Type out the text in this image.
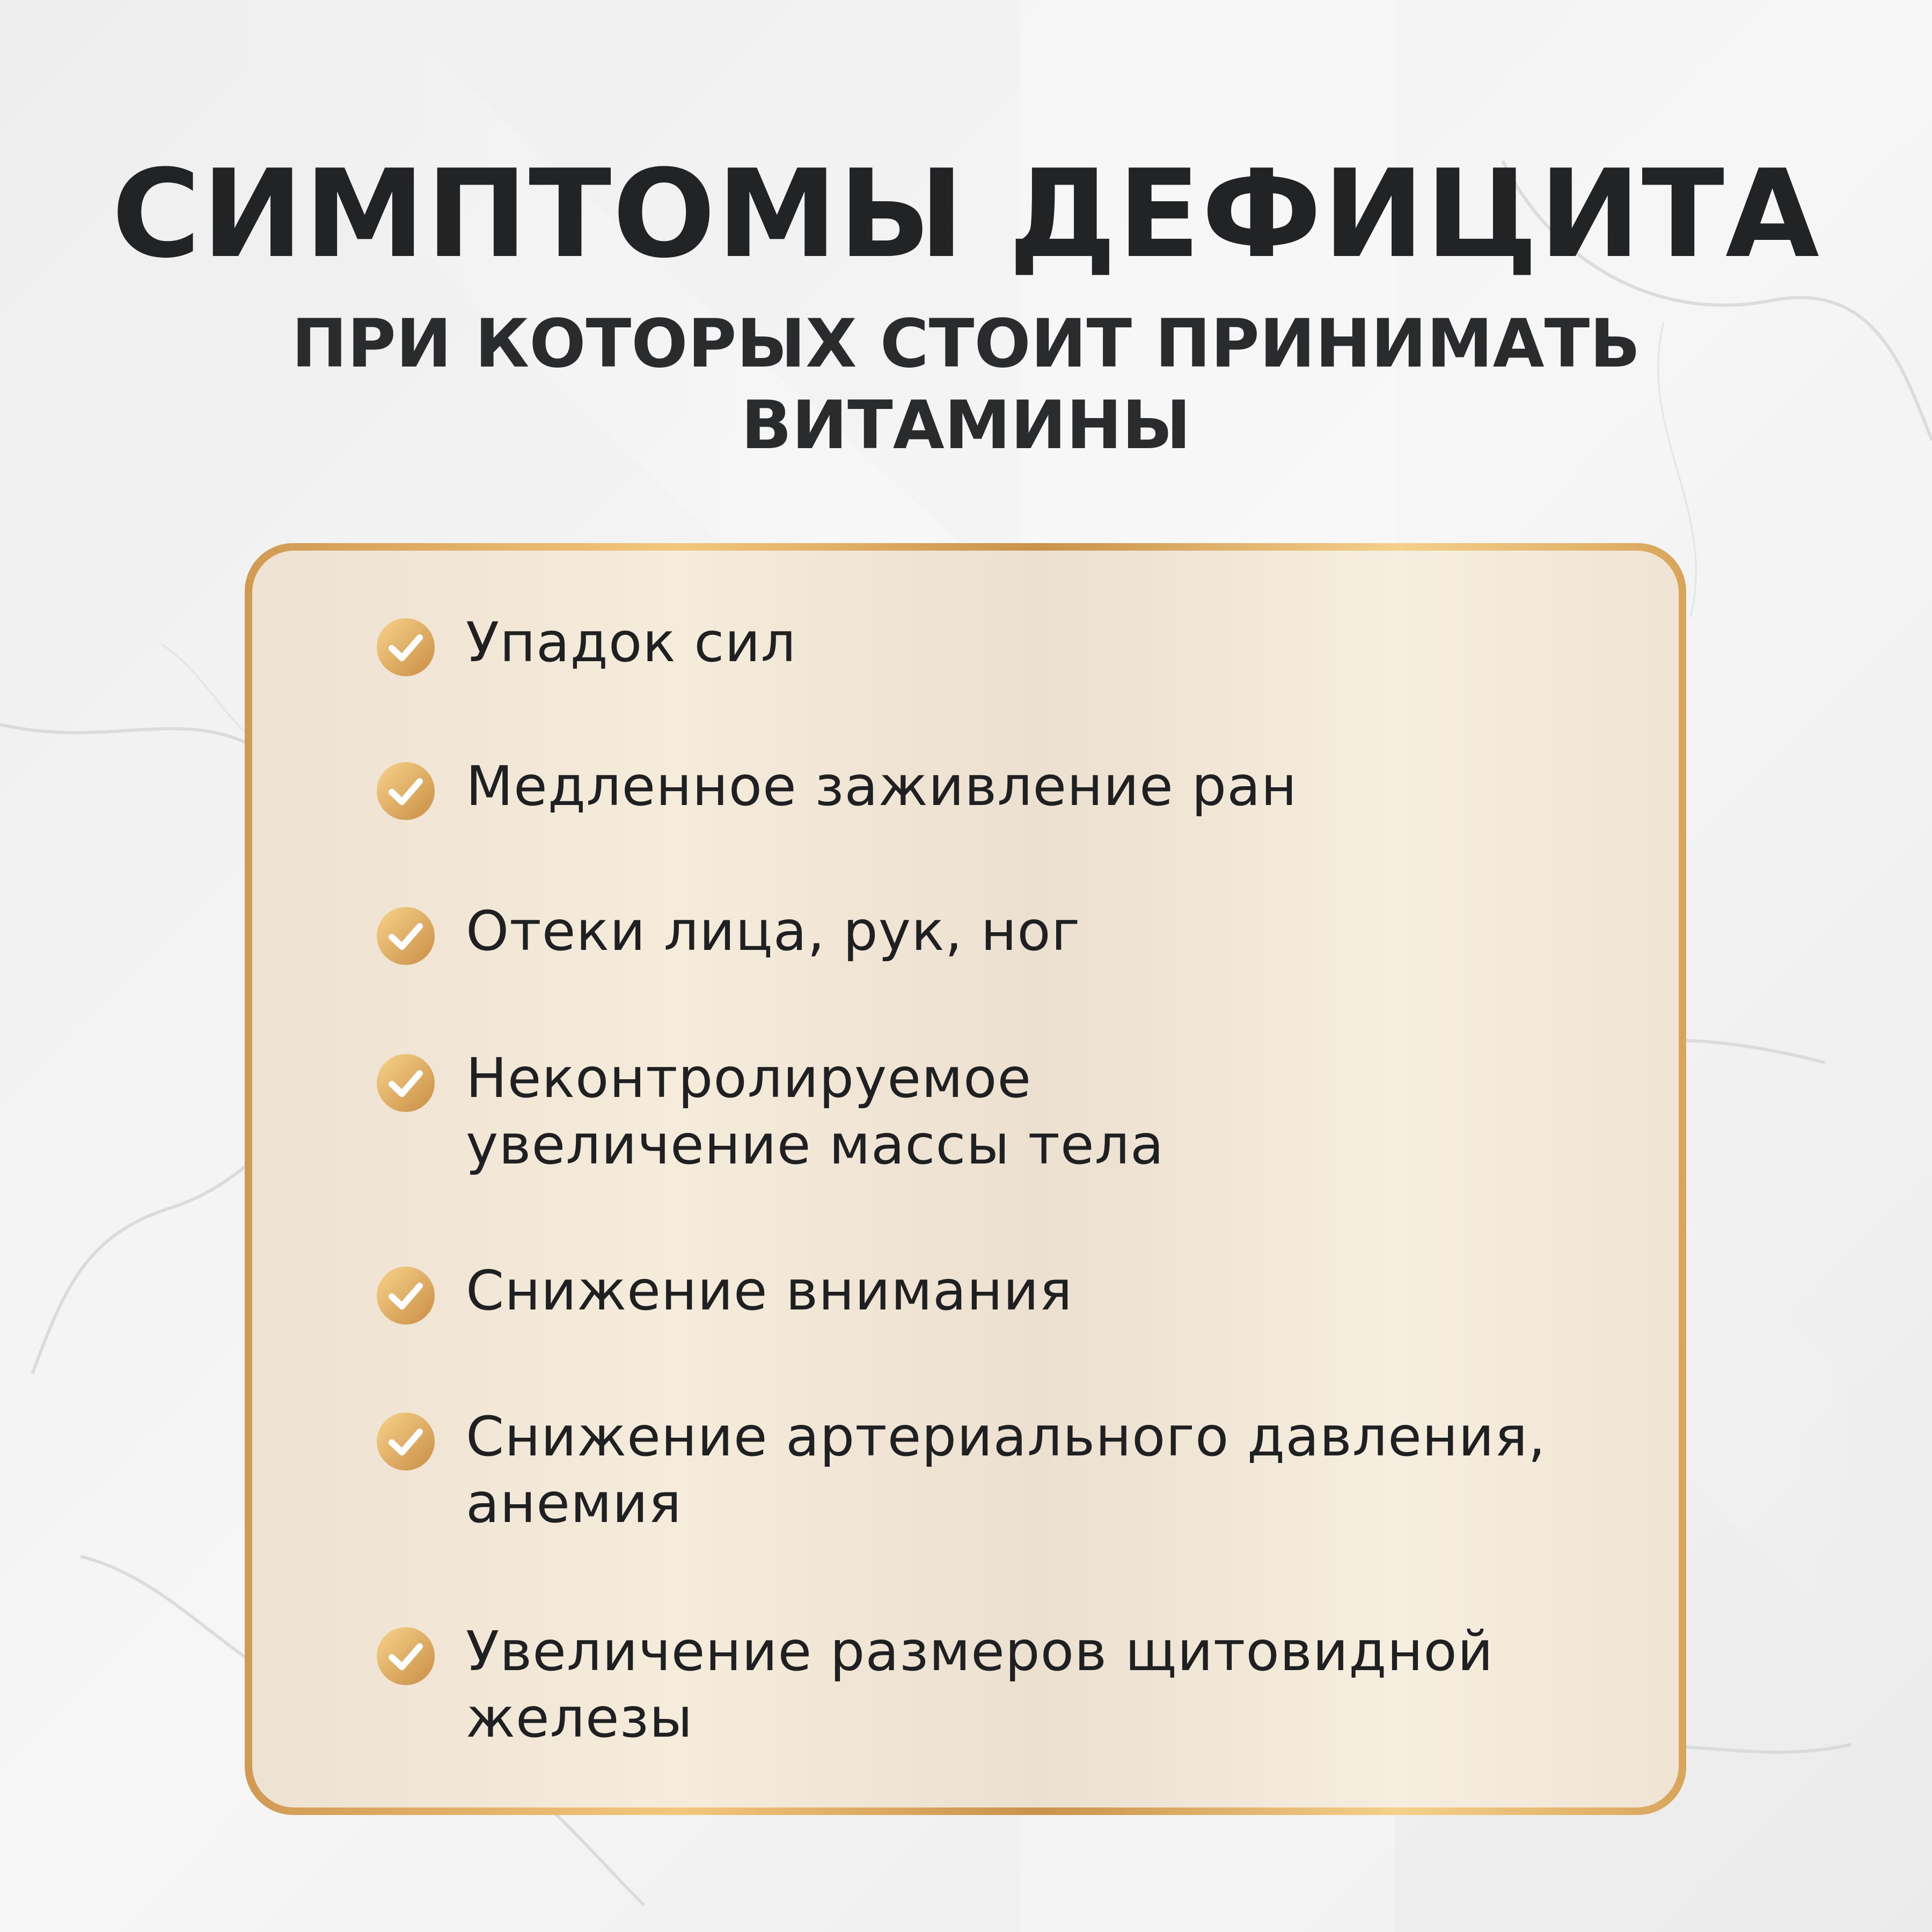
СИМПТОМЫ ДЕФИЦИТА
ПРИ КОТОРЫХ СТОИТ ПРИНИМАТЬ ВИТАМИНЫ
Упадок сил
Медленное заживление ран
Отеки лица, рук, ног
Неконтролируемое увеличение массы тела
Снижение внимания
Снижение артериального давления, анемия
Увеличение размеров щитовидной железы
